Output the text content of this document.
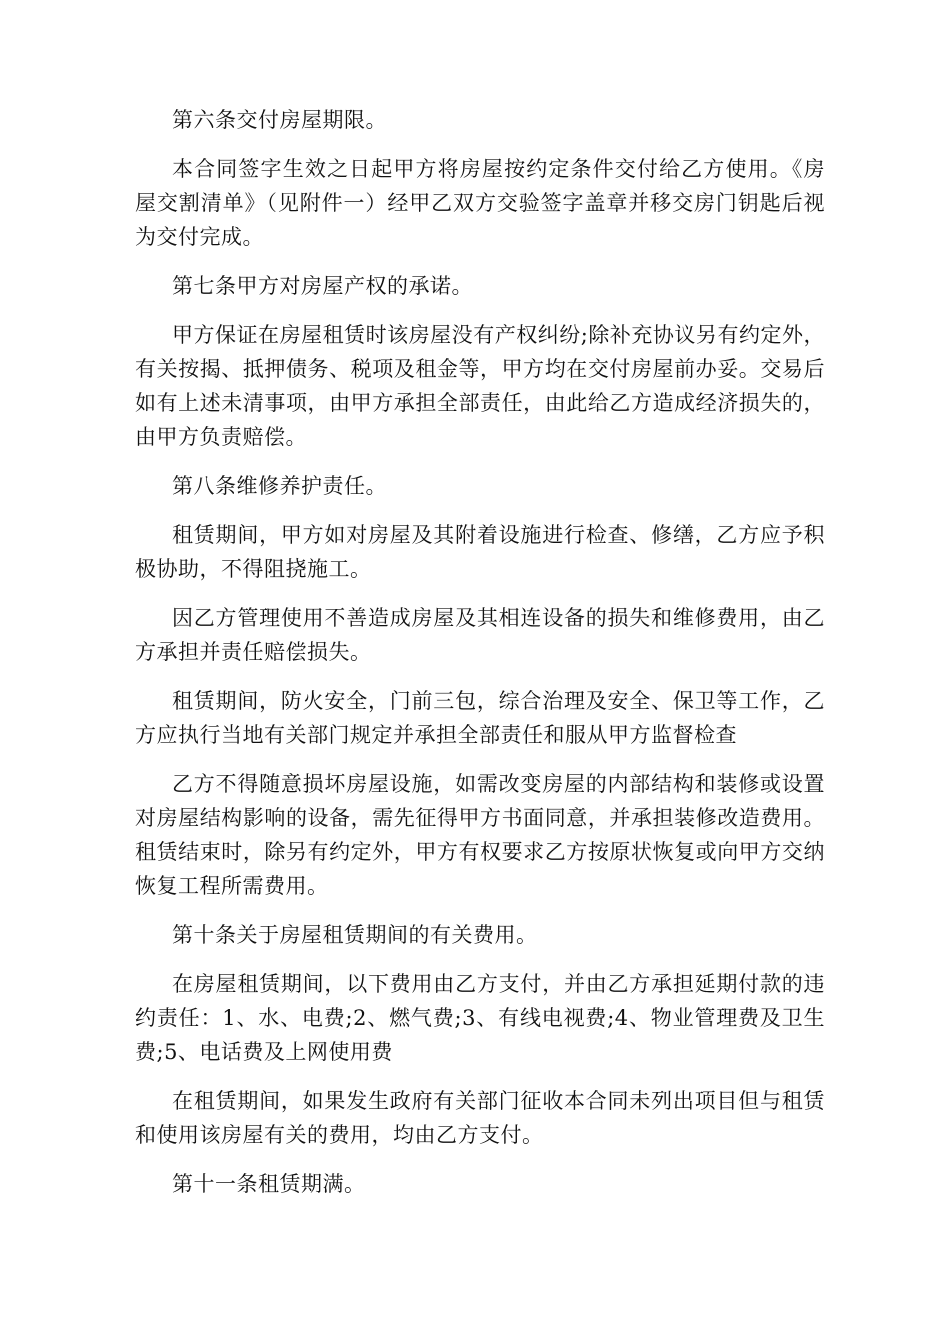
第六条交付房屋期限。

本合同签字生效之日起甲方将房屋按约定条件交付给乙方使用。《房屋交割清单》（见附件一）经甲乙双方交验签字盖章并移交房门钥匙后视为交付完成。

第七条甲方对房屋产权的承诺。

甲方保证在房屋租赁时该房屋没有产权纠纷;除补充协议另有约定外，有关按揭、抵押债务、税项及租金等，甲方均在交付房屋前办妥。交易后如有上述未清事项，由甲方承担全部责任，由此给乙方造成经济损失的，由甲方负责赔偿。

第八条维修养护责任。

租赁期间，甲方如对房屋及其附着设施进行检查、修缮，乙方应予积极协助，不得阻挠施工。

因乙方管理使用不善造成房屋及其相连设备的损失和维修费用，由乙方承担并责任赔偿损失。

租赁期间，防火安全，门前三包，综合治理及安全、保卫等工作，乙方应执行当地有关部门规定并承担全部责任和服从甲方监督检查

乙方不得随意损坏房屋设施，如需改变房屋的内部结构和装修或设置对房屋结构影响的设备，需先征得甲方书面同意，并承担装修改造费用。租赁结束时，除另有约定外，甲方有权要求乙方按原状恢复或向甲方交纳恢复工程所需费用。

第十条关于房屋租赁期间的有关费用。

在房屋租赁期间，以下费用由乙方支付，并由乙方承担延期付款的违约责任：1、水、电费;2、燃气费;3、有线电视费;4、物业管理费及卫生费;5、电话费及上网使用费

在租赁期间，如果发生政府有关部门征收本合同未列出项目但与租赁和使用该房屋有关的费用，均由乙方支付。

第十一条租赁期满。
